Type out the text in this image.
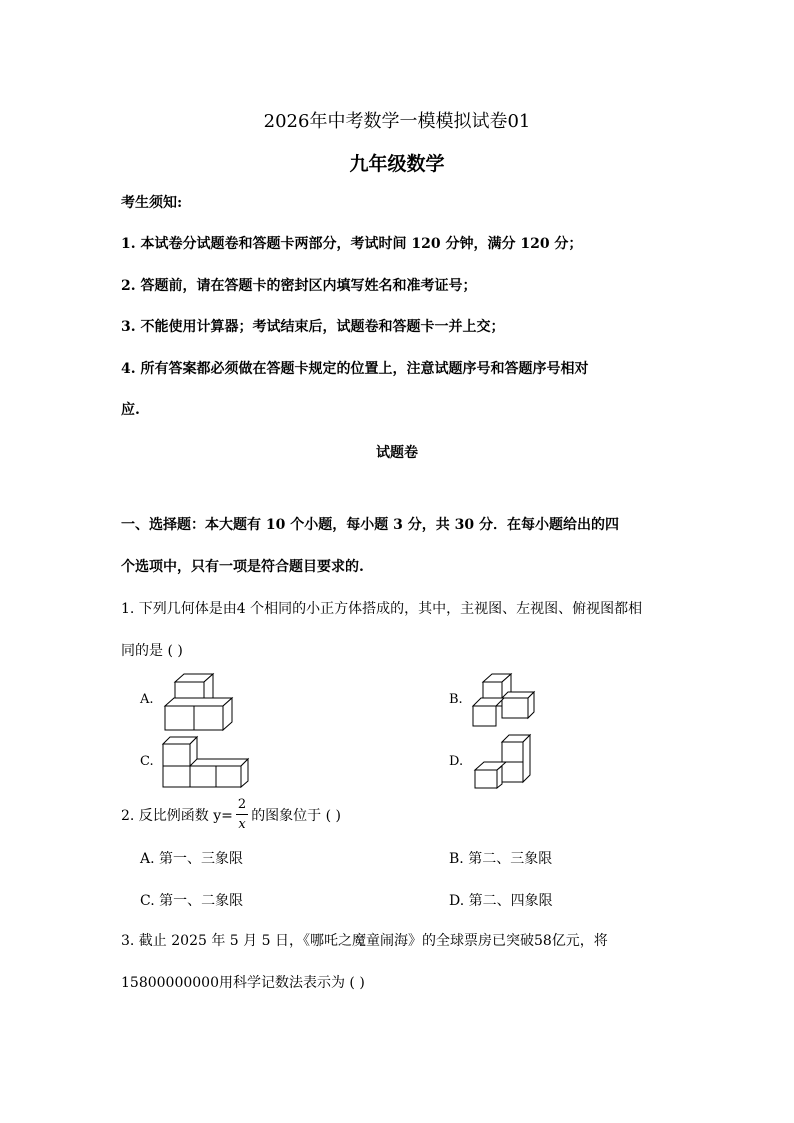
2026年中考数学一模模拟试卷01
九年级数学
考生须知:
1. 本试卷分试题卷和答题卡两部分，考试时间 120 分钟，满分 120 分；
2. 答题前，请在答题卡的密封区内填写姓名和准考证号；
3. 不能使用计算器；考试结束后，试题卷和答题卡一并上交；
4. 所有答案都必须做在答题卡规定的位置上，注意试题序号和答题序号相对
应.
试题卷
一、选择题：本大题有 10 个小题，每小题 3 分，共 30 分．在每小题给出的四
个选项中，只有一项是符合题目要求的.
1. 下列几何体是由4 个相同的小正方体搭成的，其中，主视图、左视图、俯视图都相
同的是 ( )
A.	B.
C.	D.
2. 反比例函数 $y= \frac{2}{x}$ 的图象位于 ( )
A. 第一、三象限	B. 第二、三象限
C. 第一、二象限	D. 第二、四象限
3. 截止 2025 年 5 月 5 日，《哪吒之魔童闹海》的全球票房已突破58亿元，将
15800000000用科学记数法表示为 ( )
